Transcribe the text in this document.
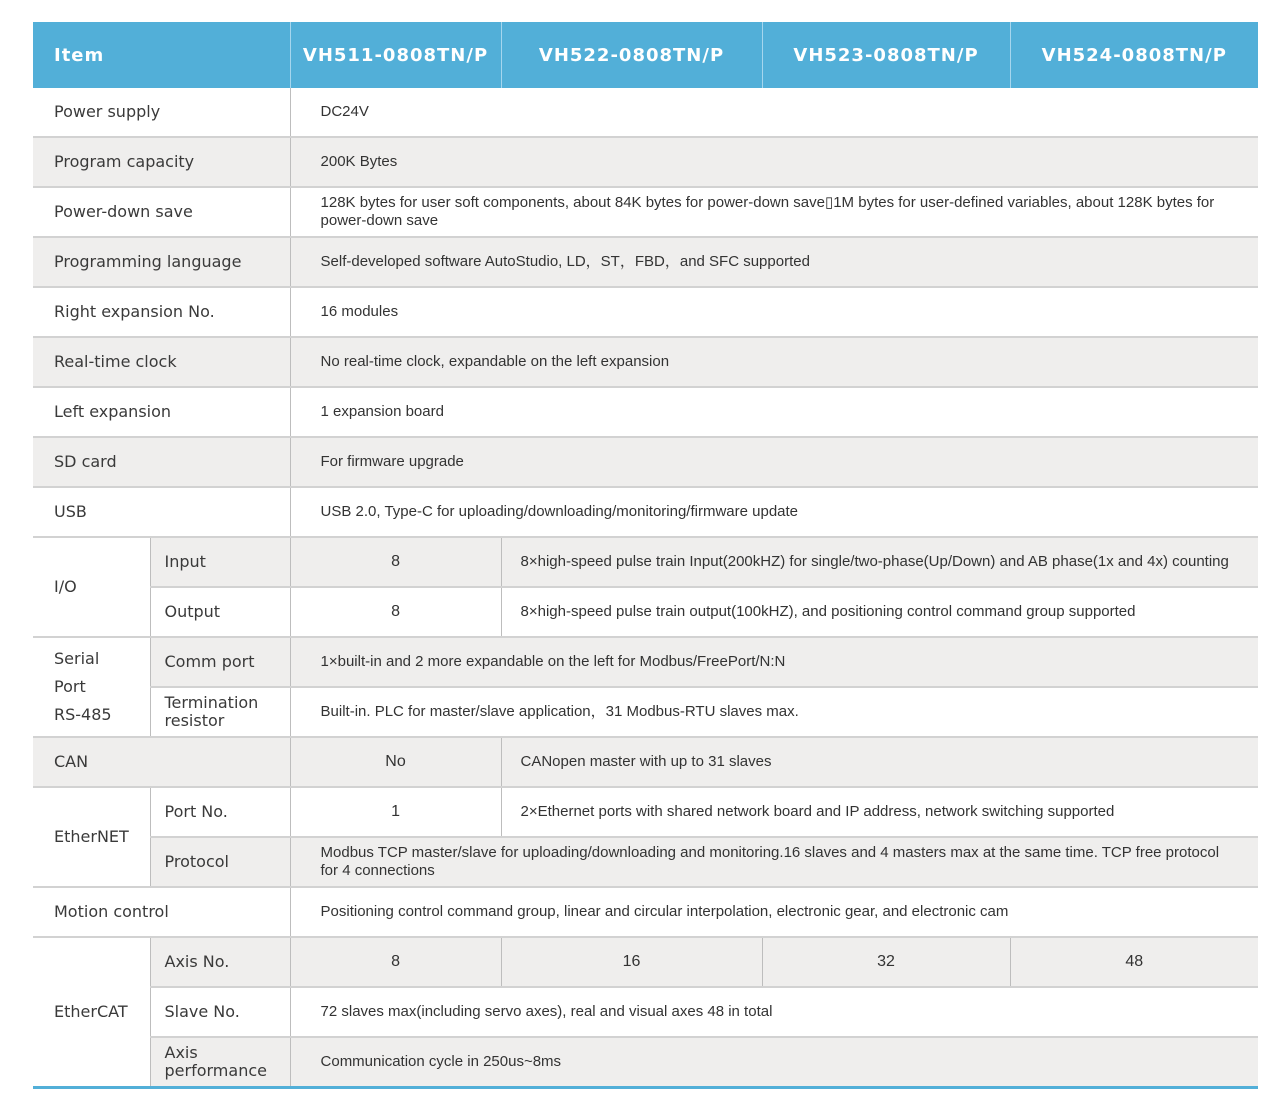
Item		VH511-0808TN/P	VH522-0808TN/P	VH523-0808TN/P	VH524-0808TN/P
Power supply		DC24V			
Program capacity		200K Bytes			
Power-down save		128K bytes for user soft components, about 84K bytes for power-down save▯1M bytes for user-defined variables, about 128K bytes for power-down save			
Programming language		Self-developed software AutoStudio, LD，ST，FBD，and SFC supported			
Right expansion No.		16 modules			
Real-time clock		No real-time clock, expandable on the left expansion			
Left expansion		1 expansion board			
SD card		For firmware upgrade			
USB		USB 2.0, Type-C for uploading/downloading/monitoring/firmware update			
I/O	Input	8	8×high-speed pulse train Input(200kHZ) for single/two-phase(Up/Down) and AB phase(1x and 4x) counting		
	Output	8	8×high-speed pulse train output(100kHZ), and positioning control command group supported		

Serial
Port
RS-485	Comm port	1×built-in and 2 more expandable on the left for Modbus/FreePort/N:N			
	Termination resistor	Built-in. PLC for master/slave application，31 Modbus-RTU slaves max.			
CAN		No	CANopen master with up to 31 slaves		
EtherNET	Port No.	1	2×Ethernet ports with shared network board and IP address, network switching supported		
	Protocol	Modbus TCP master/slave for uploading/downloading and monitoring.16 slaves and 4 masters max at the same time. TCP free protocol for 4 connections			
Motion control		Positioning control command group, linear and circular interpolation, electronic gear, and electronic cam			
EtherCAT	Axis No.	8	16	32	48
	Slave No.	72 slaves max(including servo axes), real and visual axes 48 in total			
	Axis performance	Communication cycle in 250us~8ms			
